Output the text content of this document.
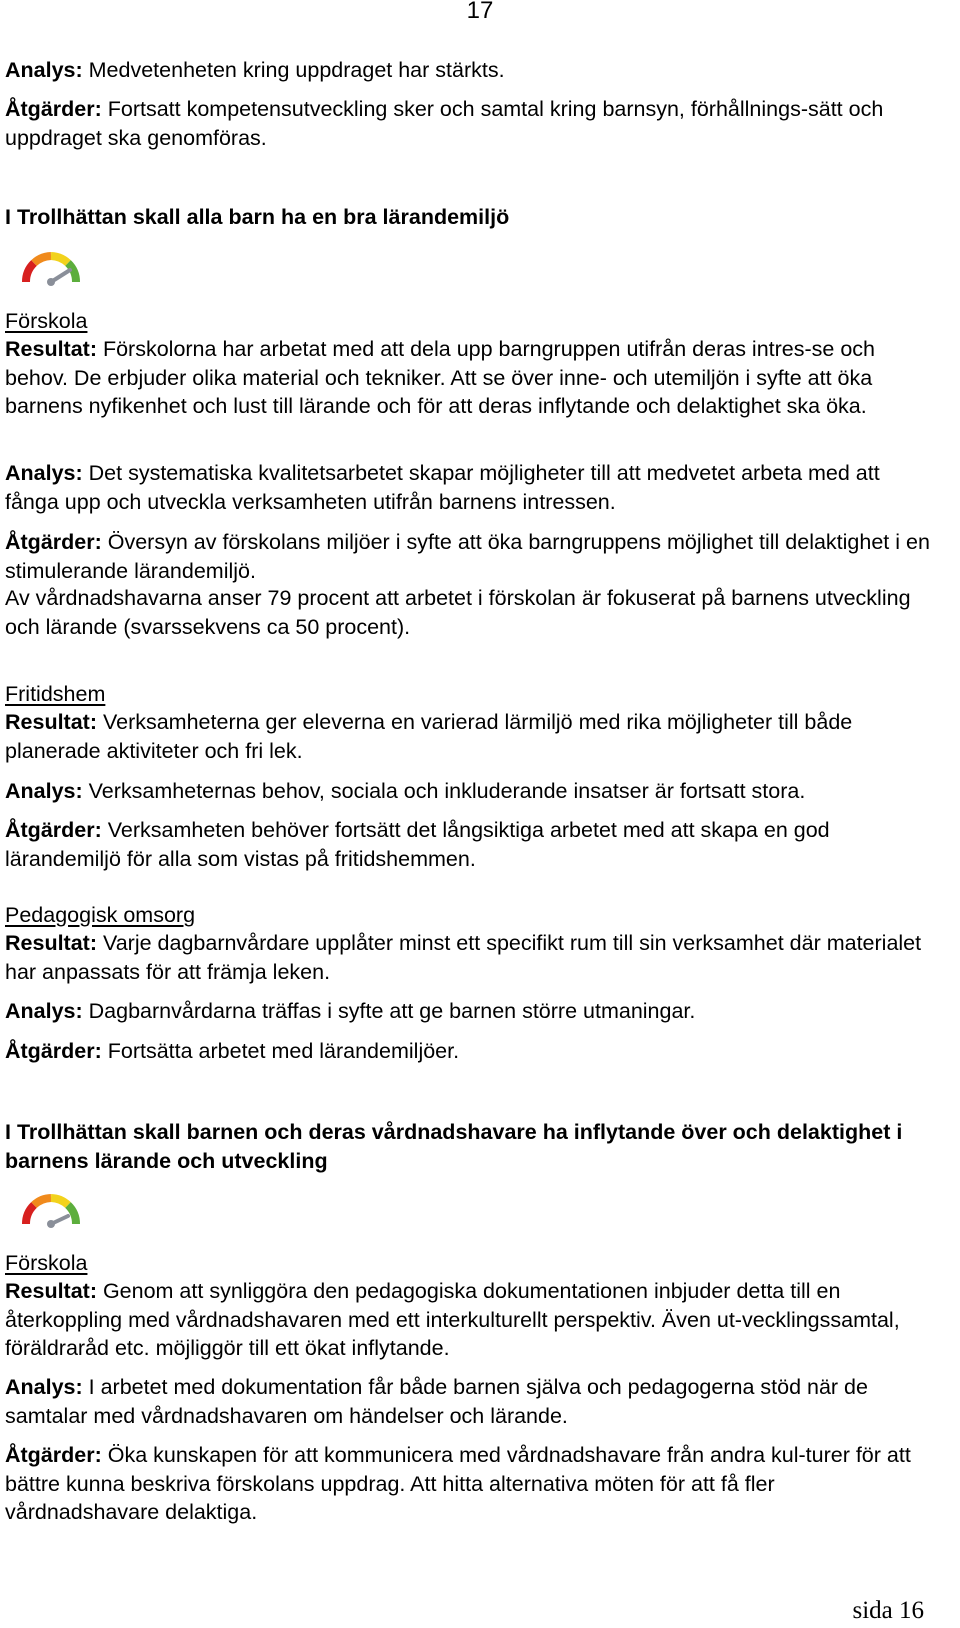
17

Analys: Medvetenheten kring uppdraget har stärkts.

Åtgärder: Fortsatt kompetensutveckling sker och samtal kring barnsyn, förhållnings-sätt och uppdraget ska genomföras.

I Trollhättan skall alla barn ha en bra lärandemiljö

Förskola

Resultat: Förskolorna har arbetat med att dela upp barngruppen utifrån deras intres-se och behov. De erbjuder olika material och tekniker. Att se över inne- och utemiljön i syfte att öka barnens nyfikenhet och lust till lärande och för att deras inflytande och delaktighet ska öka.

Analys: Det systematiska kvalitetsarbetet skapar möjligheter till att medvetet arbeta med att fånga upp och utveckla verksamheten utifrån barnens intressen.

Åtgärder: Översyn av förskolans miljöer i syfte att öka barngruppens möjlighet till delaktighet i en stimulerande lärandemiljö.

Av vårdnadshavarna anser 79 procent att arbetet i förskolan är fokuserat på barnens utveckling och lärande (svarssekvens ca 50 procent).

Fritidshem

Resultat: Verksamheterna ger eleverna en varierad lärmiljö med rika möjligheter till både planerade aktiviteter och fri lek.

Analys: Verksamheternas behov, sociala och inkluderande insatser är fortsatt stora.

Åtgärder: Verksamheten behöver fortsätt det långsiktiga arbetet med att skapa en god lärandemiljö för alla som vistas på fritidshemmen.

Pedagogisk omsorg

Resultat: Varje dagbarnvårdare upplåter minst ett specifikt rum till sin verksamhet där materialet har anpassats för att främja leken.

Analys: Dagbarnvårdarna träffas i syfte att ge barnen större utmaningar.

Åtgärder: Fortsätta arbetet med lärandemiljöer.

I Trollhättan skall barnen och deras vårdnadshavare ha inflytande över och delaktighet i barnens lärande och utveckling

Förskola

Resultat: Genom att synliggöra den pedagogiska dokumentationen inbjuder detta till en återkoppling med vårdnadshavaren med ett interkulturellt perspektiv. Även ut-vecklingssamtal, föräldraråd etc. möjliggör till ett ökat inflytande.

Analys: I arbetet med dokumentation får både barnen själva och pedagogerna stöd när de samtalar med vårdnadshavaren om händelser och lärande.

Åtgärder: Öka kunskapen för att kommunicera med vårdnadshavare från andra kul-turer för att bättre kunna beskriva förskolans uppdrag. Att hitta alternativa möten för att få fler vårdnadshavare delaktiga.

sida 16
